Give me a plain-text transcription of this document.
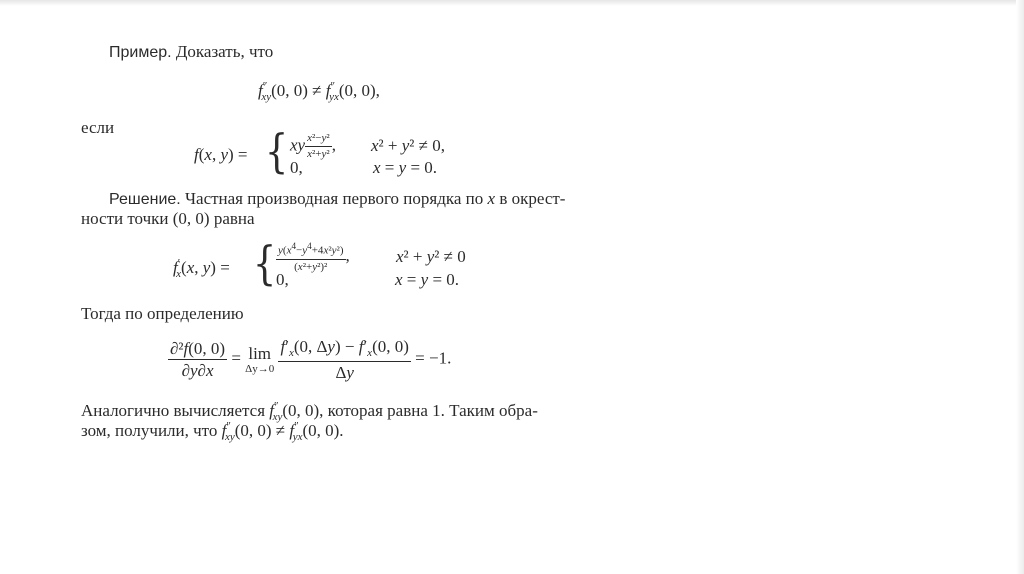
Пример. Доказать, что
$f''_{xy}(0$, $0) \ne f''_{yx}(0$, 0),
если
f(x, y) = { xy $\frac{\text{x²−y²}}{\text{x²+y²}}$ , x² + y² ≠ 0,
0,	x = y = 0.
Решение. Частная производная первого порядка по x в окрест-
ности точки (0, 0) равна
$f'_x(x$, y) = { $\frac{y(x^4-y^4+4x^2y^2)}{\text{(x²+y²)²}}$ ,	x² + y² ≠ 0
0,	x = y = 0.
Тогда по определению
$\frac{\text{∂²f(0, 0)}}{\partial y\partial x} = \lim$
Δy→0
$\frac{f'_x(0, \Delta y) - f'_x(0, 0)}{\Delta y} = -1$.
Аналогично вычисляется $f''_{xy}(0$, 0), которая равна 1. Таким обра-
зом, получили, что $f''_{xy}(0$, $0) \ne f''_{yx}(0$, 0).
